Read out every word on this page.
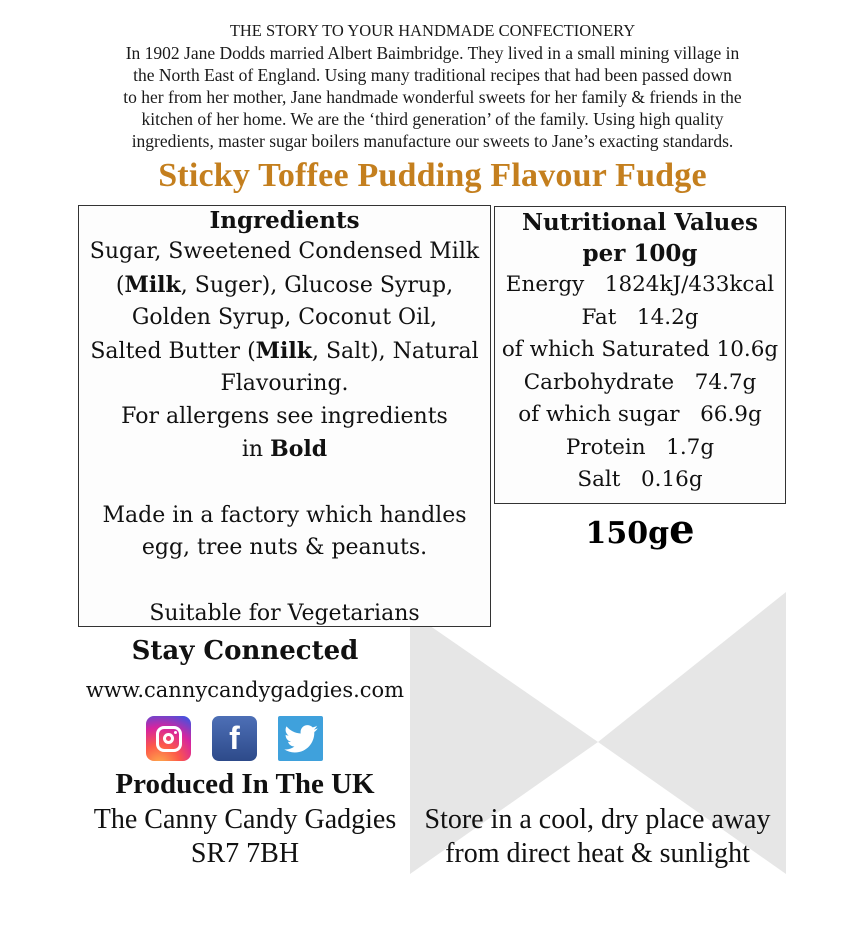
THE STORY TO YOUR HANDMADE CONFECTIONERY
In 1902 Jane Dodds married Albert Baimbridge. They lived in a small mining village in
the North East of England. Using many traditional recipes that had been passed down
to her from her mother, Jane handmade wonderful sweets for her family & friends in the
kitchen of her home. We are the ‘third generation’ of the family. Using high quality
ingredients, master sugar boilers manufacture our sweets to Jane’s exacting standards.
Sticky Toffee Pudding Flavour Fudge
Ingredients
Sugar, Sweetened Condensed Milk
(Milk, Suger), Glucose Syrup,
Golden Syrup, Coconut Oil,
Salted Butter (Milk, Salt), Natural
Flavouring.
For allergens see ingredients
in Bold
Made in a factory which handles
egg, tree nuts & peanuts.
Suitable for Vegetarians
Nutritional Values
per 100g
Energy 1824kJ/433kcal
Fat 14.2g
of which Saturated 10.6g
Carbohydrate 74.7g
of which sugar 66.9g
Protein 1.7g
Salt 0.16g
150ge
Stay Connected
www.cannycandygadgies.com
f
Produced In The UK
The Canny Candy Gadgies
SR7 7BH
Store in a cool, dry place away
from direct heat & sunlight
